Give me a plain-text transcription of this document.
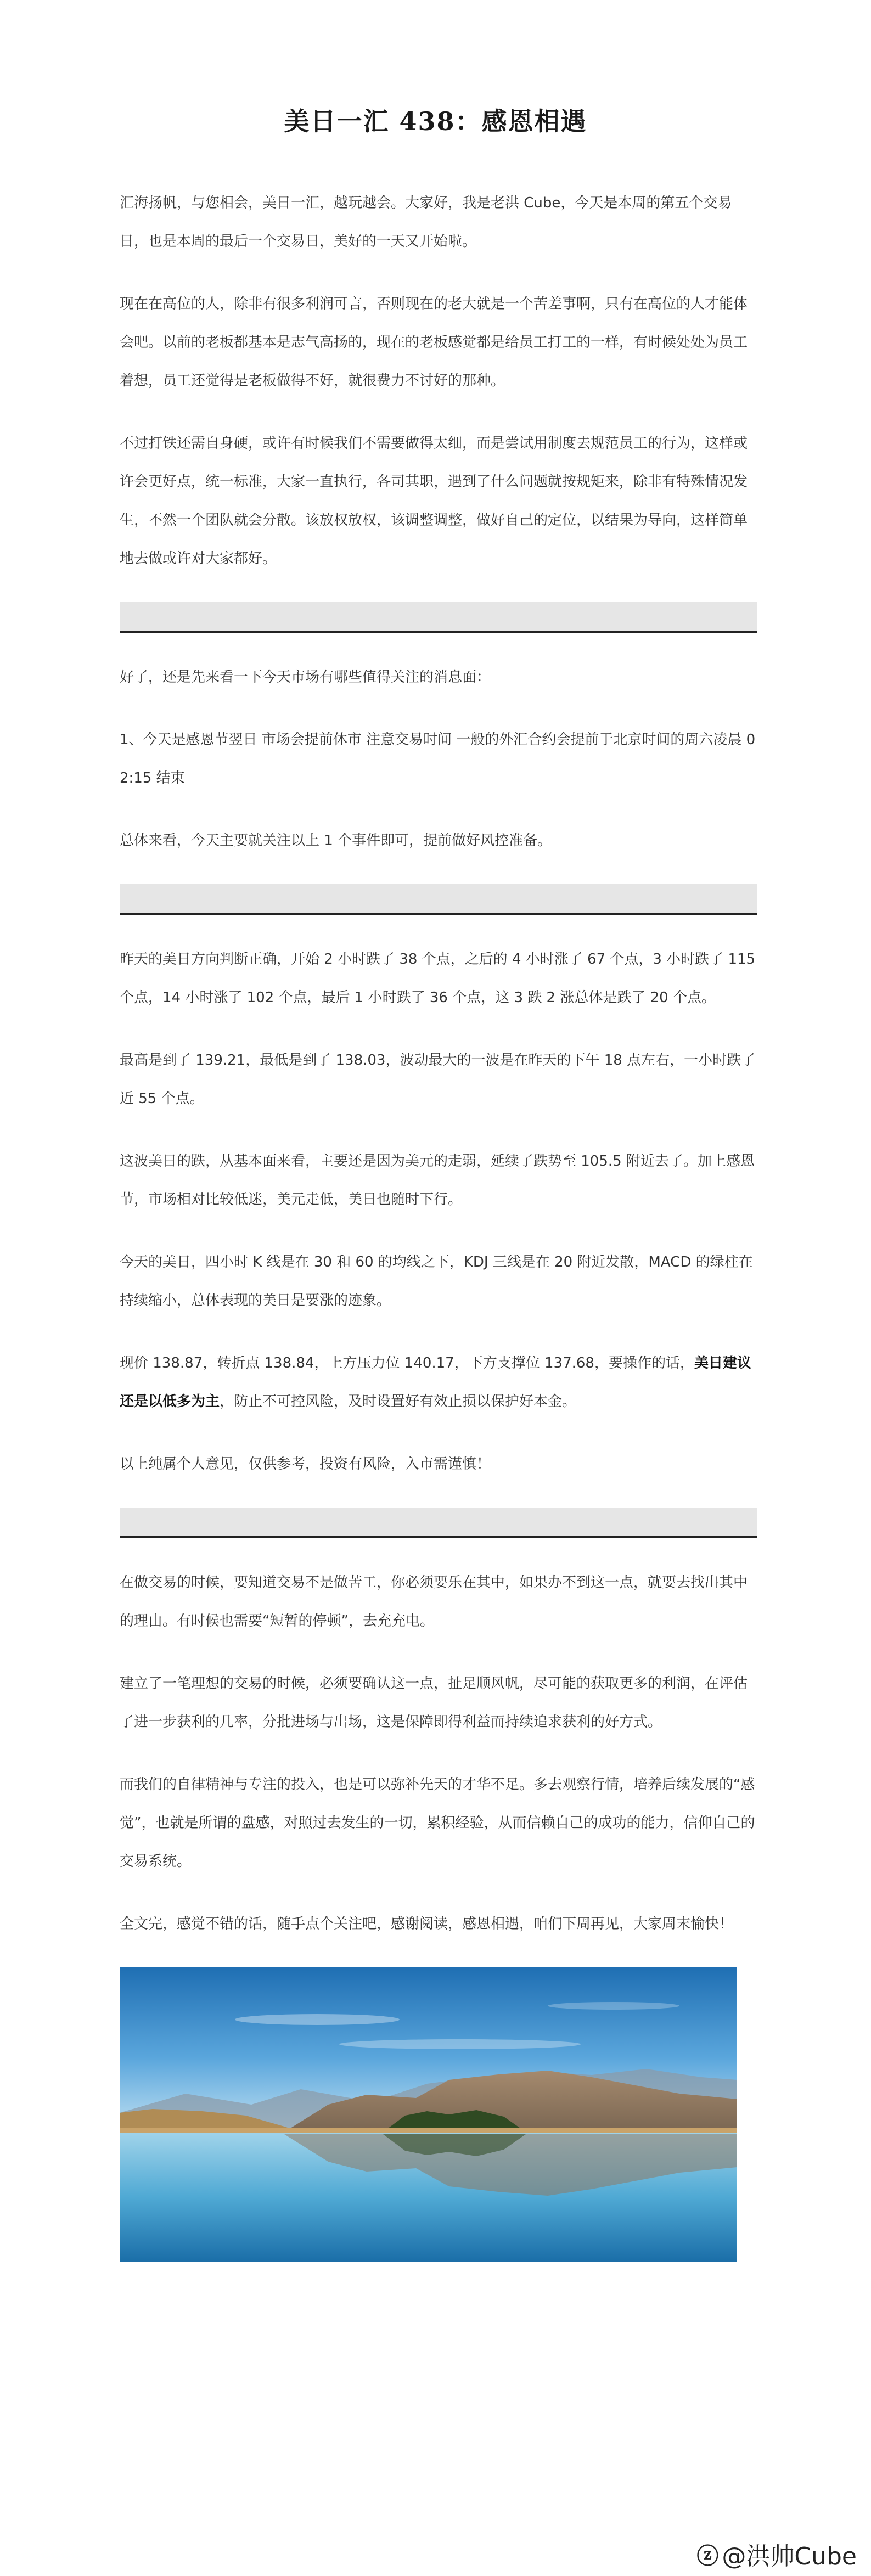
美日一汇 438：感恩相遇

汇海扬帆，与您相会，美日一汇，越玩越会。大家好，我是老洪 Cube，今天是本周的第五个交易日，也是本周的最后一个交易日，美好的一天又开始啦。

现在在高位的人，除非有很多利润可言，否则现在的老大就是一个苦差事啊，只有在高位的人才能体会吧。以前的老板都基本是志气高扬的，现在的老板感觉都是给员工打工的一样，有时候处处为员工着想，员工还觉得是老板做得不好，就很费力不讨好的那种。

不过打铁还需自身硬，或许有时候我们不需要做得太细，而是尝试用制度去规范员工的行为，这样或许会更好点，统一标准，大家一直执行，各司其职，遇到了什么问题就按规矩来，除非有特殊情况发生，不然一个团队就会分散。该放权放权，该调整调整，做好自己的定位，以结果为导向，这样简单地去做或许对大家都好。

好了，还是先来看一下今天市场有哪些值得关注的消息面：

1、今天是感恩节翌日 市场会提前休市 注意交易时间 一般的外汇合约会提前于北京时间的周六凌晨 02:15 结束

总体来看，今天主要就关注以上 1 个事件即可，提前做好风控准备。

昨天的美日方向判断正确，开始 2 小时跌了 38 个点，之后的 4 小时涨了 67 个点，3 小时跌了 115 个点，14 小时涨了 102 个点，最后 1 小时跌了 36 个点，这 3 跌 2 涨总体是跌了 20 个点。

最高是到了 139.21，最低是到了 138.03，波动最大的一波是在昨天的下午 18 点左右，一小时跌了近 55 个点。

这波美日的跌，从基本面来看，主要还是因为美元的走弱，延续了跌势至 105.5 附近去了。加上感恩节，市场相对比较低迷，美元走低，美日也随时下行。

今天的美日，四小时 K 线是在 30 和 60 的均线之下，KDJ 三线是在 20 附近发散，MACD 的绿柱在持续缩小，总体表现的美日是要涨的迹象。

现价 138.87，转折点 138.84，上方压力位 140.17，下方支撑位 137.68，要操作的话，美日建议还是以低多为主，防止不可控风险，及时设置好有效止损以保护好本金。

以上纯属个人意见，仅供参考，投资有风险，入市需谨慎！

在做交易的时候，要知道交易不是做苦工，你必须要乐在其中，如果办不到这一点，就要去找出其中的理由。有时候也需要“短暂的停顿”，去充充电。

建立了一笔理想的交易的时候，必须要确认这一点，扯足顺风帆，尽可能的获取更多的利润，在评估了进一步获利的几率，分批进场与出场，这是保障即得利益而持续追求获利的好方式。

而我们的自律精神与专注的投入，也是可以弥补先天的才华不足。多去观察行情，培养后续发展的“感觉”，也就是所谓的盘感，对照过去发生的一切，累积经验，从而信赖自己的成功的能力，信仰自己的交易系统。

全文完，感觉不错的话，随手点个关注吧，感谢阅读，感恩相遇，咱们下周再见，大家周末愉快！

ⓩ @洪帅Cube
